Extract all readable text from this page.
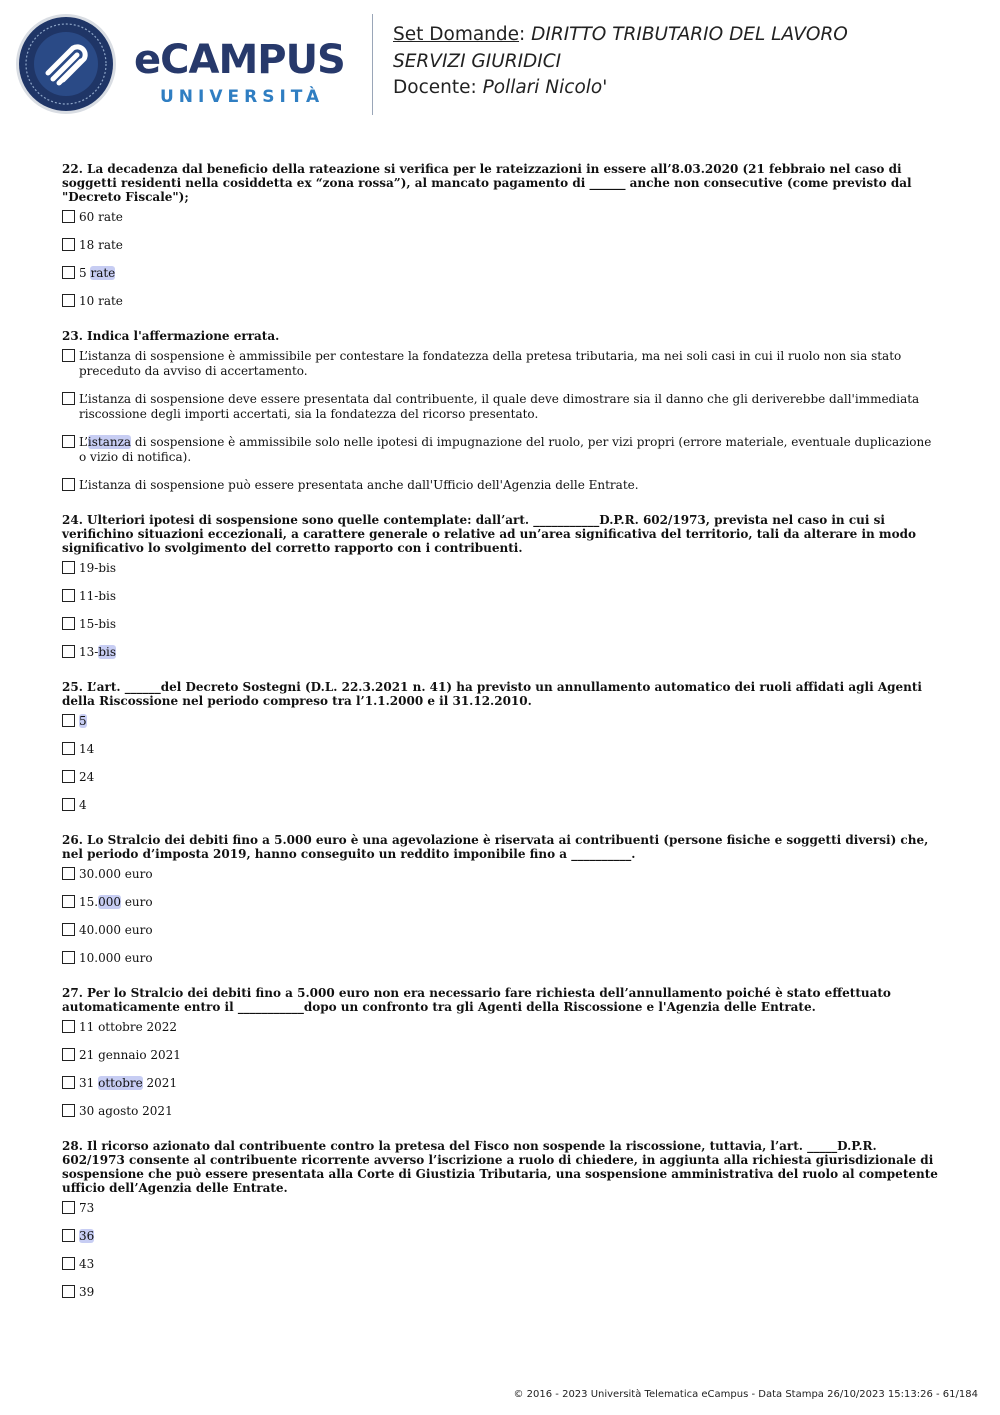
eCAMPUS
UNIVERSITÀ
Set Domande: DIRITTO TRIBUTARIO DEL LAVORO
SERVIZI GIURIDICI
Docente: Pollari Nicolo'

22. La decadenza dal beneficio della rateazione si verifica per le rateizzazioni in essere all’8.03.2020 (21 febbraio nel caso di soggetti residenti nella cosiddetta ex “zona rossa”), al mancato pagamento di ______ anche non consecutive (come previsto dal "Decreto Fiscale");

60 rate
18 rate
5 rate
10 rate

23. Indica l'affermazione errata.

L’istanza di sospensione è ammissibile per contestare la fondatezza della pretesa tributaria, ma nei soli casi in cui il ruolo non sia stato preceduto da avviso di accertamento.
L’istanza di sospensione deve essere presentata dal contribuente, il quale deve dimostrare sia il danno che gli deriverebbe dall'immediata riscossione degli importi accertati, sia la fondatezza del ricorso presentato.
L’istanza di sospensione è ammissibile solo nelle ipotesi di impugnazione del ruolo, per vizi propri (errore materiale, eventuale duplicazione o vizio di notifica).
L’istanza di sospensione può essere presentata anche dall'Ufficio dell'Agenzia delle Entrate.

24. Ulteriori ipotesi di sospensione sono quelle contemplate: dall’art. ___________D.P.R. 602/1973, prevista nel caso in cui si verifichino situazioni eccezionali, a carattere generale o relative ad un’area significativa del territorio, tali da alterare in modo significativo lo svolgimento del corretto rapporto con i contribuenti.

19-bis
11-bis
15-bis
13-bis

25. L’art. ______del Decreto Sostegni (D.L. 22.3.2021 n. 41) ha previsto un annullamento automatico dei ruoli affidati agli Agenti della Riscossione nel periodo compreso tra l’1.1.2000 e il 31.12.2010.

5
14
24
4

26. Lo Stralcio dei debiti fino a 5.000 euro è una agevolazione è riservata ai contribuenti (persone fisiche e soggetti diversi) che, nel periodo d’imposta 2019, hanno conseguito un reddito imponibile fino a __________.

30.000 euro
15.000 euro
40.000 euro
10.000 euro

27. Per lo Stralcio dei debiti fino a 5.000 euro non era necessario fare richiesta dell’annullamento poiché è stato effettuato automaticamente entro il ___________dopo un confronto tra gli Agenti della Riscossione e l'Agenzia delle Entrate.

11 ottobre 2022
21 gennaio 2021
31 ottobre 2021
30 agosto 2021

28. Il ricorso azionato dal contribuente contro la pretesa del Fisco non sospende la riscossione, tuttavia, l’art. _____D.P.R. 602/1973 consente al contribuente ricorrente avverso l’iscrizione a ruolo di chiedere, in aggiunta alla richiesta giurisdizionale di sospensione che può essere presentata alla Corte di Giustizia Tributaria, una sospensione amministrativa del ruolo al competente ufficio dell’Agenzia delle Entrate.

73
36
43
39
© 2016 - 2023 Università Telematica eCampus - Data Stampa 26/10/2023 15:13:26 - 61/184
